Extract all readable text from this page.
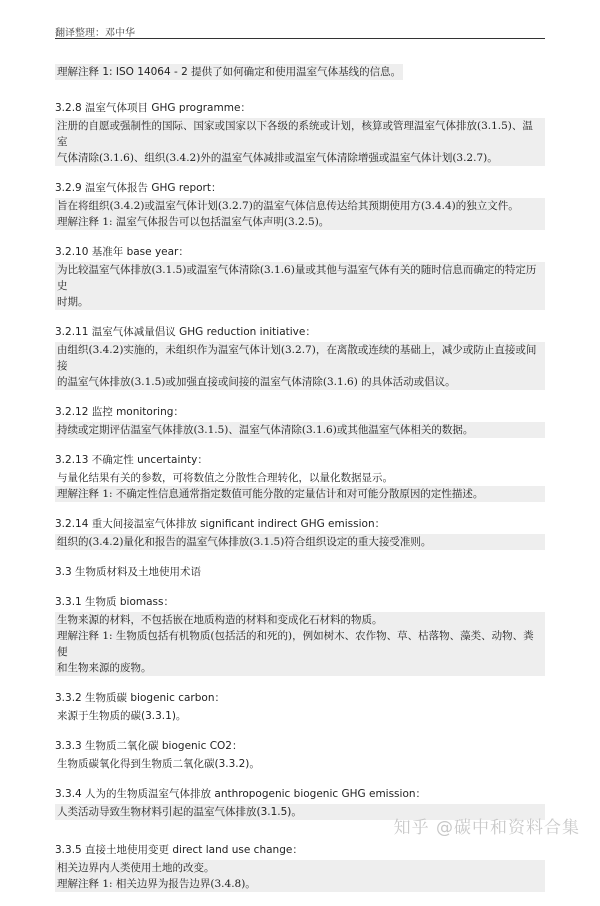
翻译整理：邓中华
理解注释 1: ISO 14064 - 2 提供了如何确定和使用温室气体基线的信息。
3.2.8 温室气体项目 GHG programme：
注册的自愿或强制性的国际、国家或国家以下各级的系统或计划，核算或管理温室气体排放(3.1.5)、温室
气体清除(3.1.6)、组织(3.4.2)外的温室气体减排或温室气体清除增强或温室气体计划(3.2.7)。
3.2.9 温室气体报告 GHG report：
旨在将组织(3.4.2)或温室气体计划(3.2.7)的温室气体信息传达给其预期使用方(3.4.4)的独立文件。
理解注释 1: 温室气体报告可以包括温室气体声明(3.2.5)。
3.2.10 基准年 base year：
为比较温室气体排放(3.1.5)或温室气体清除(3.1.6)量或其他与温室气体有关的随时信息而确定的特定历史
时期。
3.2.11 温室气体减量倡议 GHG reduction initiative：
由组织(3.4.2)实施的，未组织作为温室气体计划(3.2.7)，在离散或连续的基础上，减少或防止直接或间接
的温室气体排放(3.1.5)或加强直接或间接的温室气体清除(3.1.6) 的具体活动或倡议。
3.2.12 监控 monitoring：
持续或定期评估温室气体排放(3.1.5)、温室气体清除(3.1.6)或其他温室气体相关的数据。
3.2.13 不确定性 uncertainty：
与量化结果有关的参数，可将数值之分散性合理转化，以量化数据显示。
理解注释 1: 不确定性信息通常指定数值可能分散的定量估计和对可能分散原因的定性描述。
3.2.14 重大间接温室气体排放 significant indirect GHG emission：
组织的(3.4.2)量化和报告的温室气体排放(3.1.5)符合组织设定的重大接受准则。
3.3 生物质材料及土地使用术语
3.3.1 生物质 biomass：
生物来源的材料，不包括嵌在地质构造的材料和变成化石材料的物质。
理解注释 1: 生物质包括有机物质(包括活的和死的)，例如树木、农作物、草、枯落物、藻类、动物、粪便
和生物来源的废物。
3.3.2 生物质碳 biogenic carbon：
来源于生物质的碳(3.3.1)。
3.3.3 生物质二氧化碳 biogenic CO2：
生物质碳氧化得到生物质二氧化碳(3.3.2)。
3.3.4 人为的生物质温室气体排放 anthropogenic biogenic GHG emission：
人类活动导致生物材料引起的温室气体排放(3.1.5)。
3.3.5 直接土地使用变更 direct land use change：
相关边界内人类使用土地的改变。
理解注释 1: 相关边界为报告边界(3.4.8)。
知乎 @碳中和资料合集
